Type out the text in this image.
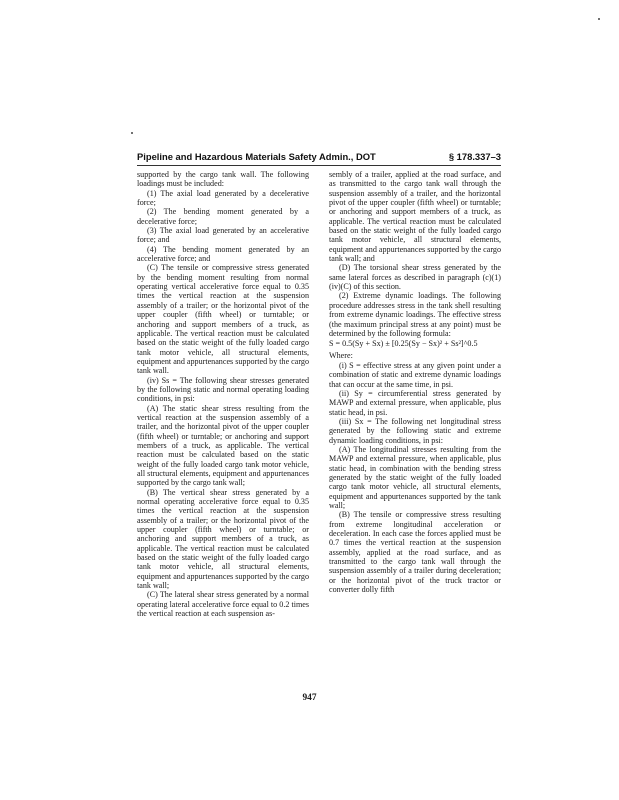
Pipeline and Hazardous Materials Safety Admin., DOT	§ 178.337–3

supported by the cargo tank wall. The following loadings must be included:

(1) The axial load generated by a decelerative force;

(2) The bending moment generated by a decelerative force;

(3) The axial load generated by an accelerative force; and

(4) The bending moment generated by an accelerative force; and

(C) The tensile or compressive stress generated by the bending moment resulting from normal operating vertical accelerative force equal to 0.35 times the vertical reaction at the suspension assembly of a trailer; or the horizontal pivot of the upper coupler (fifth wheel) or turntable; or anchoring and support members of a truck, as applicable. The vertical reaction must be calculated based on the static weight of the fully loaded cargo tank motor vehicle, all structural elements, equipment and appurtenances supported by the cargo tank wall.

(iv) Ss = The following shear stresses generated by the following static and normal operating loading conditions, in psi:

(A) The static shear stress resulting from the vertical reaction at the suspension assembly of a trailer, and the horizontal pivot of the upper coupler (fifth wheel) or turntable; or anchoring and support members of a truck, as applicable. The vertical reaction must be calculated based on the static weight of the fully loaded cargo tank motor vehicle, all structural elements, equipment and appurtenances supported by the cargo tank wall;

(B) The vertical shear stress generated by a normal operating accelerative force equal to 0.35 times the vertical reaction at the suspension assembly of a trailer; or the horizontal pivot of the upper coupler (fifth wheel) or turntable; or anchoring and support members of a truck, as applicable. The vertical reaction must be calculated based on the static weight of the fully loaded cargo tank motor vehicle, all structural elements, equipment and appurtenances supported by the cargo tank wall;

(C) The lateral shear stress generated by a normal operating lateral accelerative force equal to 0.2 times the vertical reaction at each suspension as-

sembly of a trailer, applied at the road surface, and as transmitted to the cargo tank wall through the suspension assembly of a trailer, and the horizontal pivot of the upper coupler (fifth wheel) or turntable; or anchoring and support members of a truck, as applicable. The vertical reaction must be calculated based on the static weight of the fully loaded cargo tank motor vehicle, all structural elements, equipment and appurtenances supported by the cargo tank wall; and

(D) The torsional shear stress generated by the same lateral forces as described in paragraph (c)(1)(iv)(C) of this section.

(2) Extreme dynamic loadings. The following procedure addresses stress in the tank shell resulting from extreme dynamic loadings. The effective stress (the maximum principal stress at any point) must be determined by the following formula:

S = 0.5(Sy + Sx) ± [0.25(Sy − Sx)² + Ss²]^0.5

Where:

(i) S = effective stress at any given point under a combination of static and extreme dynamic loadings that can occur at the same time, in psi.

(ii) Sy = circumferential stress generated by MAWP and external pressure, when applicable, plus static head, in psi.

(iii) Sx = The following net longitudinal stress generated by the following static and extreme dynamic loading conditions, in psi:

(A) The longitudinal stresses resulting from the MAWP and external pressure, when applicable, plus static head, in combination with the bending stress generated by the static weight of the fully loaded cargo tank motor vehicle, all structural elements, equipment and appurtenances supported by the tank wall;

(B) The tensile or compressive stress resulting from extreme longitudinal acceleration or deceleration. In each case the forces applied must be 0.7 times the vertical reaction at the suspension assembly, applied at the road surface, and as transmitted to the cargo tank wall through the suspension assembly of a trailer during deceleration; or the horizontal pivot of the truck tractor or converter dolly fifth

947
